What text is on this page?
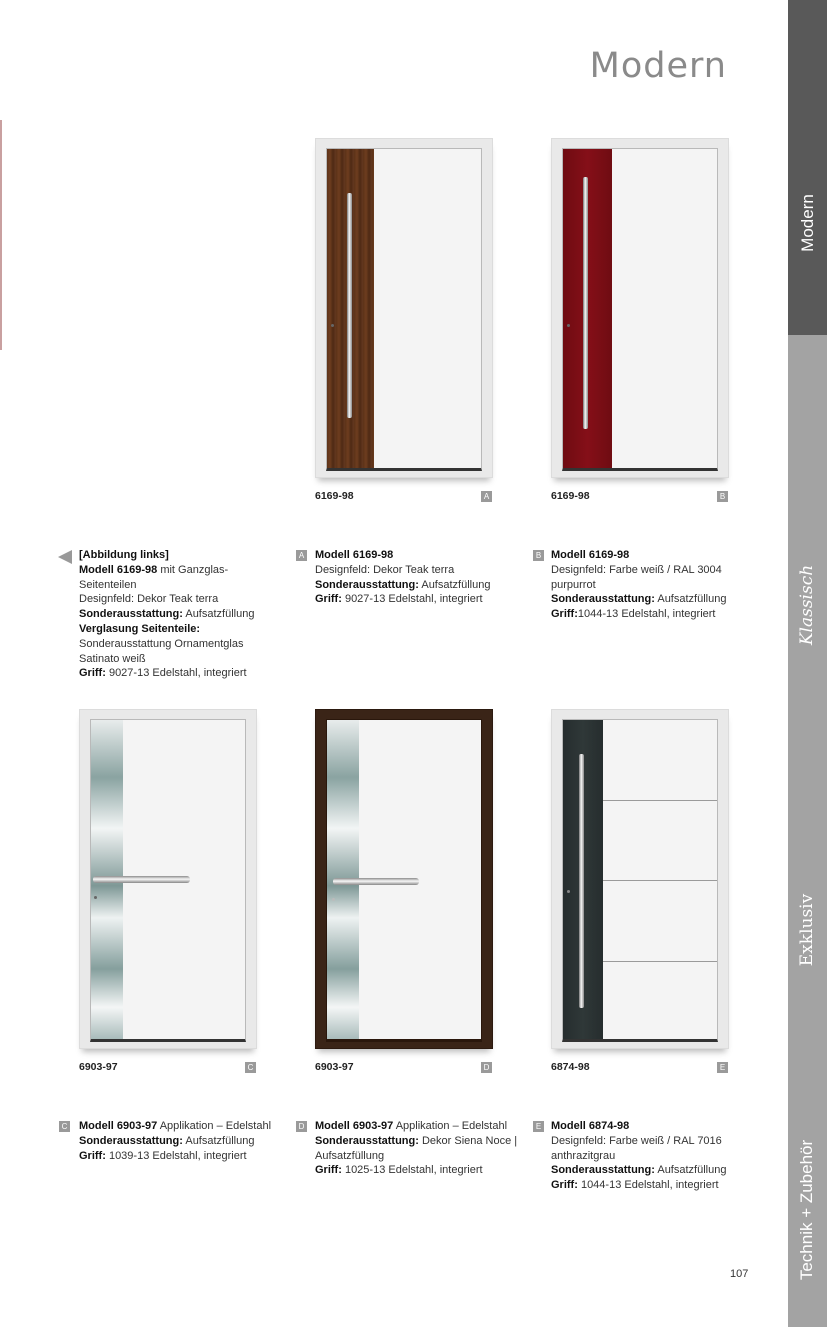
Modern
Modern
Klassisch
Exklusiv
Technik + Zubehör
6169-98	A	6169-98	B
[Abbildung links]
Modell 6169-98 mit Ganzglas-
Seitenteilen
Designfeld: Dekor Teak terra
Sonderausstattung: Aufsatzfüllung
Verglasung Seitenteile:
Sonderausstattung Ornamentglas
Satinato weiß
Griff: 9027-13 Edelstahl, integriert
A Modell 6169-98
Designfeld: Dekor Teak terra
Sonderausstattung: Aufsatzfüllung
Griff: 9027-13 Edelstahl, integriert
B Modell 6169-98
Designfeld: Farbe weiß / RAL 3004
purpurrot
Sonderausstattung: Aufsatzfüllung
Griff:1044-13 Edelstahl, integriert
6903-97	C	6903-97	D	6874-98	E
C Modell 6903-97 Applikation – Edelstahl
Sonderausstattung: Aufsatzfüllung
Griff: 1039-13 Edelstahl, integriert
D Modell 6903-97 Applikation – Edelstahl
Sonderausstattung: Dekor Siena Noce |
Aufsatzfüllung
Griff: 1025-13 Edelstahl, integriert
E Modell 6874-98
Designfeld: Farbe weiß / RAL 7016
anthrazitgrau
Sonderausstattung: Aufsatzfüllung
Griff: 1044-13 Edelstahl, integriert
107
